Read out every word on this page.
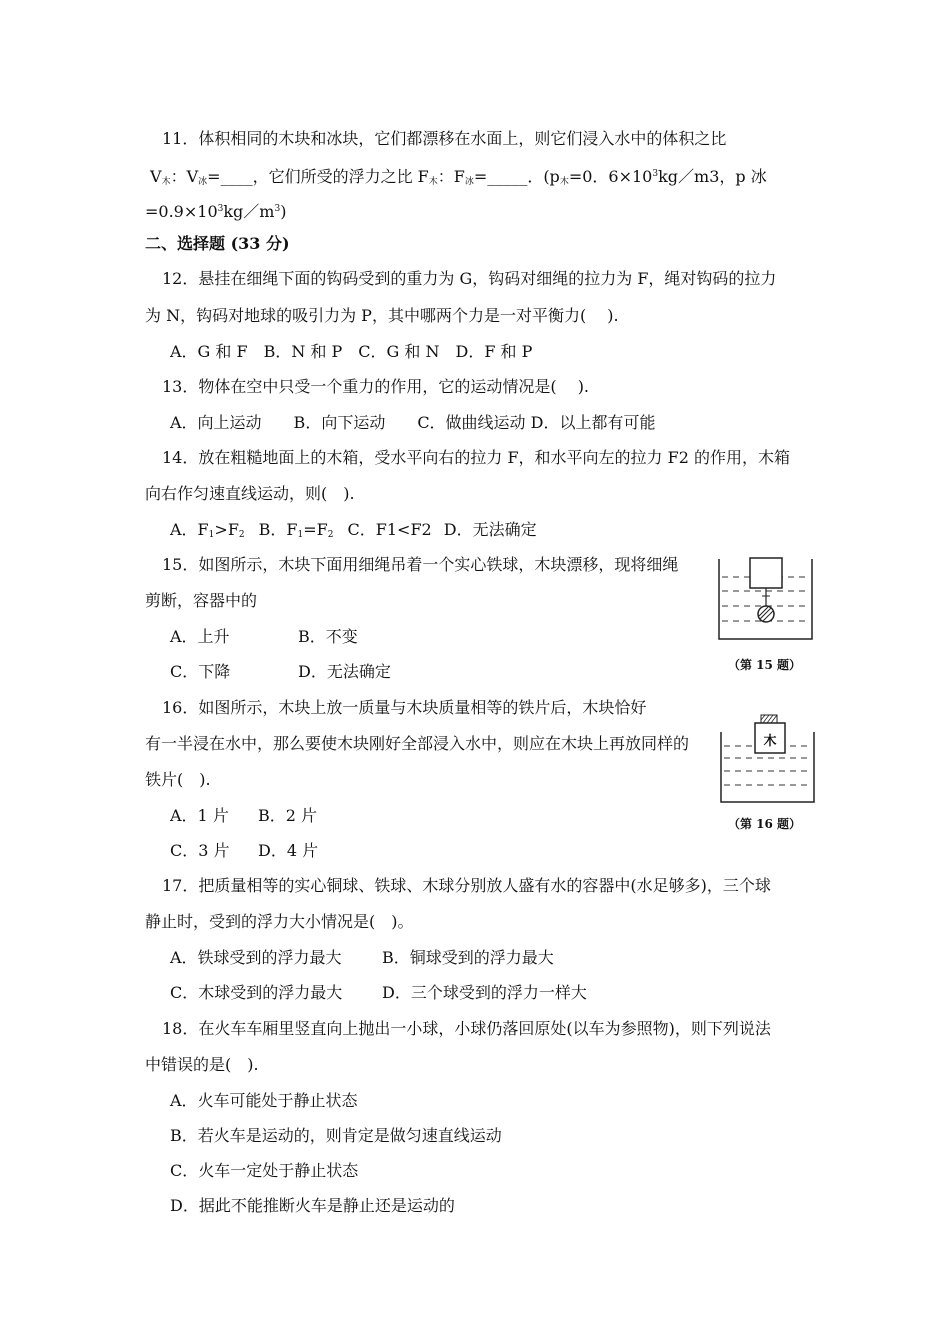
11．体积相同的木块和冰块，它们都漂移在水面上，则它们浸入水中的体积之比
$V_木$：$V_冰=\_\_\_\_$，它们所受的浮力之比 $F_木$：$F_冰=\_\_\_\_\_$．($p_木=0$．$6\times 10^3kg/m3$，p 冰
$=0.9\times 10^3kg/m^3$)
二、选择题 (33 分)
12．悬挂在细绳下面的钩码受到的重力为 G，钩码对细绳的拉力为 F，绳对钩码的拉力
为 N，钩码对地球的吸引力为 P，其中哪两个力是一对平衡力(　 ).
A．G 和 F　B．N 和 P　C．G 和 N　D．F 和 P
13．物体在空中只受一个重力的作用，它的运动情况是(　 ).
A．向上运动　　B．向下运动　　C．做曲线运动 D．以上都有可能
14．放在粗糙地面上的木箱，受水平向右的拉力 F，和水平向左的拉力 F2 的作用，木箱
向右作匀速直线运动，则(　).
A．$F_1>F_2$ B．$F_1=F_2$ C．F1<F2 D．无法确定
15．如图所示，木块下面用细绳吊着一个实心铁球，木块漂移，现将细绳
剪断，容器中的
A．上升	B．不变
C．下降	D．无法确定	（第 15 题）
16．如图所示，木块上放一质量与木块质量相等的铁片后，木块恰好
有一半浸在水中，那么要使木块刚好全部浸入水中，则应在木块上再放同样的
铁片(　).
A．1 片 B．2 片
C．3 片 D．4 片
木
（第 16 题）
17．把质量相等的实心铜球、铁球、木球分别放人盛有水的容器中(水足够多)，三个球
静止时，受到的浮力大小情况是(　)。
A．铁球受到的浮力最大	B．铜球受到的浮力最大
C．木球受到的浮力最大 D．三个球受到的浮力一样大
18．在火车车厢里竖直向上抛出一小球，小球仍落回原处(以车为参照物)，则下列说法
中错误的是(　).
A．火车可能处于静止状态
B．若火车是运动的，则肯定是做匀速直线运动
C．火车一定处于静止状态
D．据此不能推断火车是静止还是运动的
